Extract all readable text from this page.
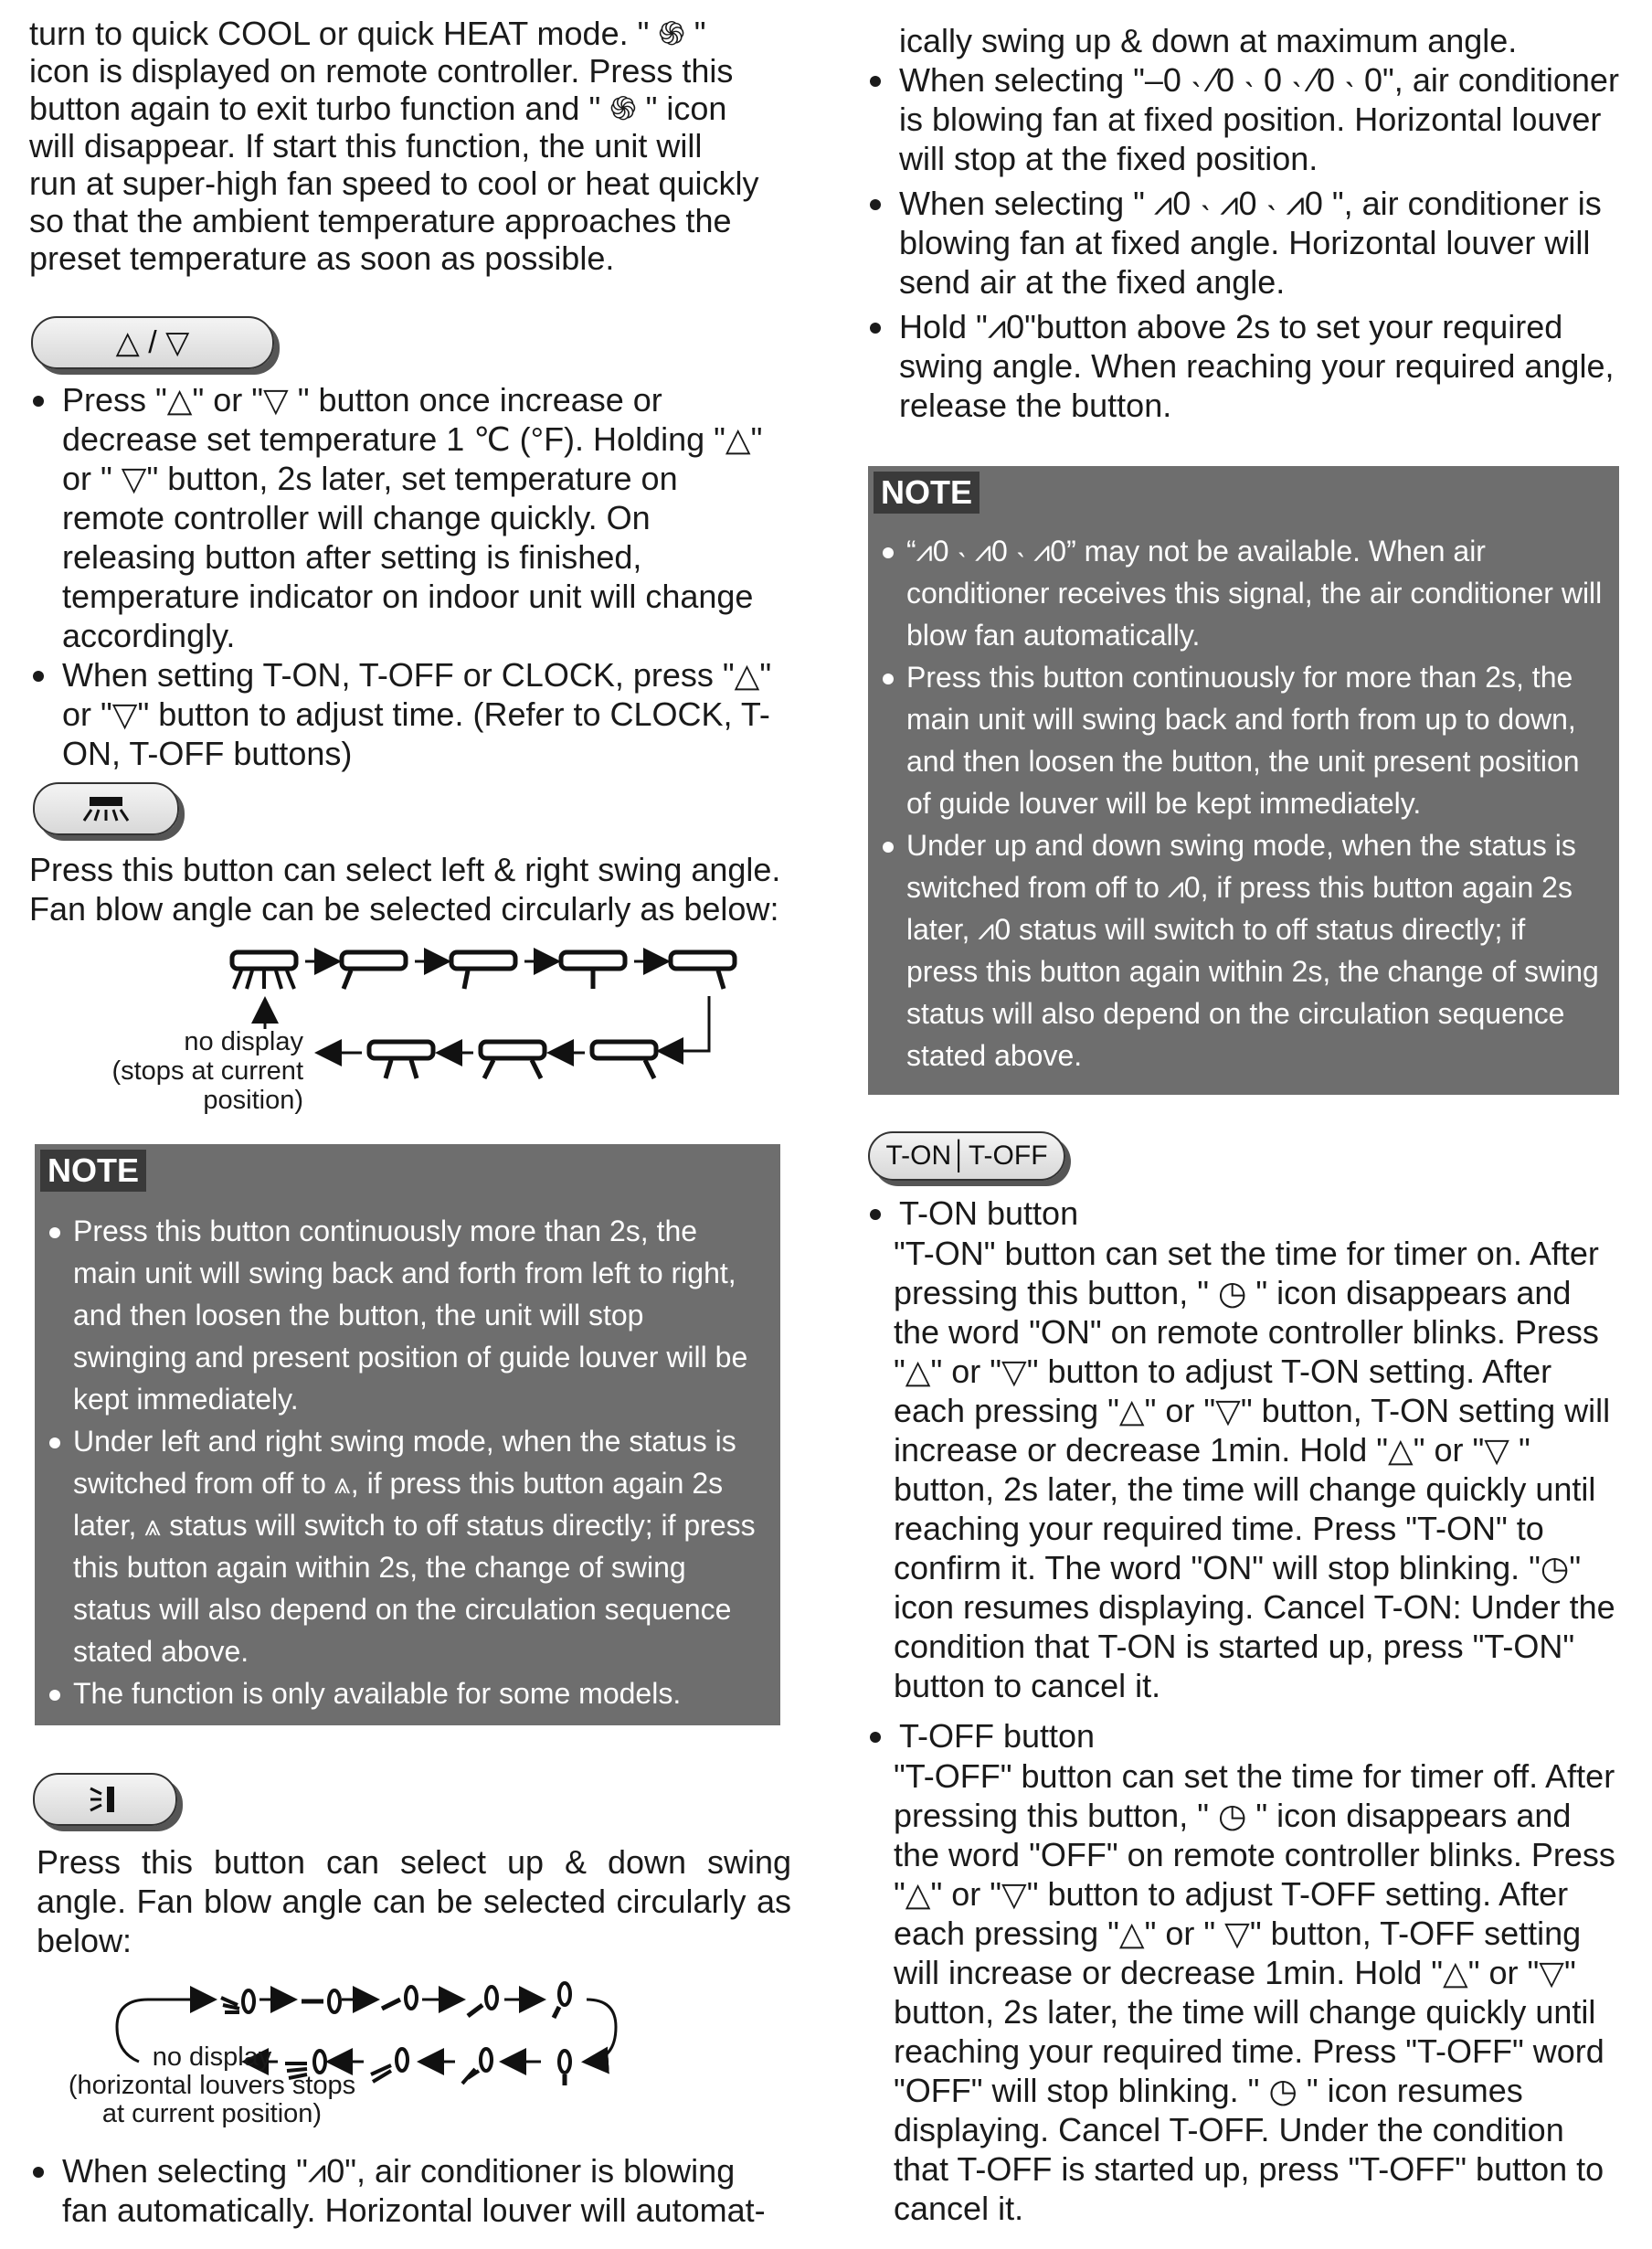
turn to quick COOL or quick HEAT mode. " ֍ "

icon is displayed on remote controller. Press this

button again to exit turbo function and " ֍ " icon

will disappear. If start this function, the unit will

run at super-high fan speed to cool or heat quickly

so that the ambient temperature approaches the

preset temperature as soon as possible.

△ / ▽
Press "△" or "▽ " button once increase or decrease set temperature 1 ℃ (°F). Holding "△" or " ▽" button, 2s later, set temperature on remote controller will change quickly. On releasing button after setting is finished, temperature indicator on indoor unit will change accordingly.
When setting T-ON, T-OFF or CLOCK, press "△" or "▽" button to adjust time. (Refer to CLOCK, T-ON, T-OFF buttons)

Press this button can select left & right swing angle. Fan blow angle can be selected circularly as below:

no display
(stops at current
position)
NOTE
Press this button continuously more than 2s, the main unit will swing back and forth from left to right, and then loosen the button, the unit will stop swinging and present position of guide louver will be kept immediately.
Under left and right swing mode, when the status is switched from off to ⩓, if press this button again 2s later, ⩓ status will switch to off status directly; if press this button again within 2s, the change of swing status will also depend on the circulation sequence stated above.
The function is only available for some models.

Press this button can select up & down swing angle. Fan blow angle can be selected circularly as below:

no display
(horizontal louvers stops
at current position)
When selecting "⩘0", air conditioner is blowing fan automatically. Horizontal louver will automat-

ically swing up & down at maximum angle.

When selecting "–0 ˴ ⁄0 ˴ 0 ˴ ⁄0 ˴ 0", air conditioner is blowing fan at fixed position. Horizontal louver will stop at the fixed position.
When selecting " ⩘0 ˴ ⩘0 ˴ ⩘0 ", air conditioner is blowing fan at fixed angle. Horizontal louver will send air at the fixed angle.
Hold "⩘0"button above 2s to set your required swing angle. When reaching your required angle, release the button.
NOTE
“⩘0 ˴ ⩘0 ˴ ⩘0” may not be available. When air conditioner receives this signal, the air conditioner will blow fan automatically.
Press this button continuously for more than 2s, the main unit will swing back and forth from up to down, and then loosen the button, the unit present position of guide louver will be kept immediately.
Under up and down swing mode, when the status is switched from off to ⩘0, if press this button again 2s later, ⩘0 status will switch to off status directly; if press this button again within 2s, the change of swing status will also depend on the circulation sequence stated above.
T-ON│T-OFF
T-ON button

"T-ON" button can set the time for timer on. After pressing this button, " ◷ " icon disappears and the word "ON" on remote controller blinks. Press "△" or "▽" button to adjust T-ON setting. After each pressing "△" or "▽" button, T-ON setting will increase or decrease 1min. Hold "△" or "▽ " button, 2s later, the time will change quickly until reaching your required time. Press "T-ON" to confirm it. The word "ON" will stop blinking. "◷" icon resumes displaying. Cancel T-ON: Under the condition that T-ON is started up, press "T-ON" button to cancel it.

T-OFF button

"T-OFF" button can set the time for timer off. After pressing this button, " ◷ " icon disappears and the word "OFF" on remote controller blinks. Press "△" or "▽" button to adjust T-OFF setting. After each pressing "△" or " ▽" button, T-OFF setting will increase or decrease 1min. Hold "△" or "▽" button, 2s later, the time will change quickly until reaching your required time. Press "T-OFF" word "OFF" will stop blinking. " ◷ " icon resumes displaying. Cancel T-OFF. Under the condition that T-OFF is started up, press "T-OFF" button to cancel it.
